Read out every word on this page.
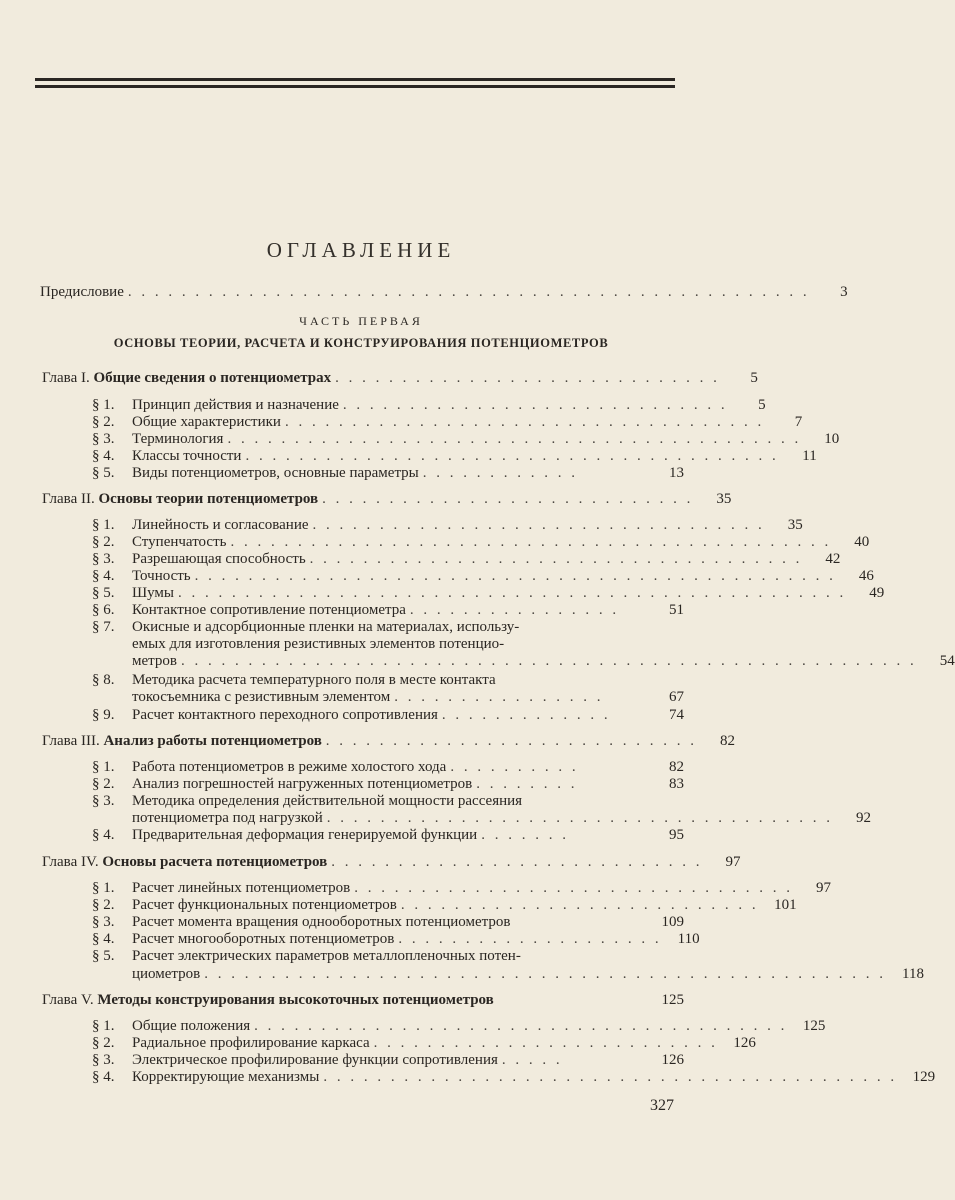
ОГЛАВЛЕНИЕ
Предисловие . . . . . . . . . . . . . . . . . . . . . . . . . . . . . . . . . . . . . . . . . . . . . . . . . . .	3
ЧАСТЬ ПЕРВАЯ
ОСНОВЫ ТЕОРИИ, РАСЧЕТА И КОНСТРУИРОВАНИЯ ПОТЕНЦИОМЕТРОВ
Глава I. Общие сведения о потенциометрах . . . . . . . . . . . . . . . . . . . . . . . . . . . . .	5
§ 1. Принцип действия и назначение . . . . . . . . . . . . . . . . . . . . . . . . . . . . .	5
§ 2. Общие характеристики . . . . . . . . . . . . . . . . . . . . . . . . . . . . . . . . . . . .	7
§ 3. Терминология . . . . . . . . . . . . . . . . . . . . . . . . . . . . . . . . . . . . . . . . . . .	10
§ 4. Классы точности . . . . . . . . . . . . . . . . . . . . . . . . . . . . . . . . . . . . . . . .	11
§ 5. Виды потенциометров, основные параметры . . . . . . . . . . . .	13
Глава II. Основы теории потенциометров . . . . . . . . . . . . . . . . . . . . . . . . . . . .	35
§ 1. Линейность и согласование . . . . . . . . . . . . . . . . . . . . . . . . . . . . . . . . . .	35
§ 2. Ступенчатость . . . . . . . . . . . . . . . . . . . . . . . . . . . . . . . . . . . . . . . . . . . . .	40
§ 3. Разрешающая способность . . . . . . . . . . . . . . . . . . . . . . . . . . . . . . . . . . . . .	42
§ 4. Точность . . . . . . . . . . . . . . . . . . . . . . . . . . . . . . . . . . . . . . . . . . . . . . . .	46
§ 5. Шумы . . . . . . . . . . . . . . . . . . . . . . . . . . . . . . . . . . . . . . . . . . . . . . . . . .	49
§ 6. Контактное сопротивление потенциометра . . . . . . . . . . . . . . . .	51
§ 7. Окисные и адсорбционные пленки на материалах, использу-
емых для изготовления резистивных элементов потенцио-
метров . . . . . . . . . . . . . . . . . . . . . . . . . . . . . . . . . . . . . . . . . . . . . . . . . . . . . . .	54
§ 8. Методика расчета температурного поля в месте контакта
токосъемника с резистивным элементом . . . . . . . . . . . . . . . .	67
§ 9. Расчет контактного переходного сопротивления . . . . . . . . . . . . .	74
Глава III. Анализ работы потенциометров . . . . . . . . . . . . . . . . . . . . . . . . . . . .	82
§ 1. Работа потенциометров в режиме холостого хода . . . . . . . . . .	82
§ 2. Анализ погрешностей нагруженных потенциометров . . . . . . . .	83
§ 3. Методика определения действительной мощности рассеяния
потенциометра под нагрузкой . . . . . . . . . . . . . . . . . . . . . . . . . . . . . . . . . . . . . .	92
§ 4. Предварительная деформация генерируемой функции . . . . . . .	95
Глава IV. Основы расчета потенциометров . . . . . . . . . . . . . . . . . . . . . . . . . . . .	97
§ 1. Расчет линейных потенциометров . . . . . . . . . . . . . . . . . . . . . . . . . . . . . . . . .	97
§ 2. Расчет функциональных потенциометров . . . . . . . . . . . . . . . . . . . . . . . . . . .	101
§ 3. Расчет момента вращения однооборотных потенциометров	109
§ 4. Расчет многооборотных потенциометров . . . . . . . . . . . . . . . . . . . .	110
§ 5. Расчет электрических параметров металлопленочных потен-
циометров . . . . . . . . . . . . . . . . . . . . . . . . . . . . . . . . . . . . . . . . . . . . . . . . . . .	118
Глава V. Методы конструирования высокоточных потенциометров	125
§ 1. Общие положения . . . . . . . . . . . . . . . . . . . . . . . . . . . . . . . . . . . . . . . .	125
§ 2. Радиальное профилирование каркаса . . . . . . . . . . . . . . . . . . . . . . . . . .	126
§ 3. Электрическое профилирование функции сопротивления . . . . .	126
§ 4. Корректирующие механизмы . . . . . . . . . . . . . . . . . . . . . . . . . . . . . . . . . . . . . . . . . . .	129
327
